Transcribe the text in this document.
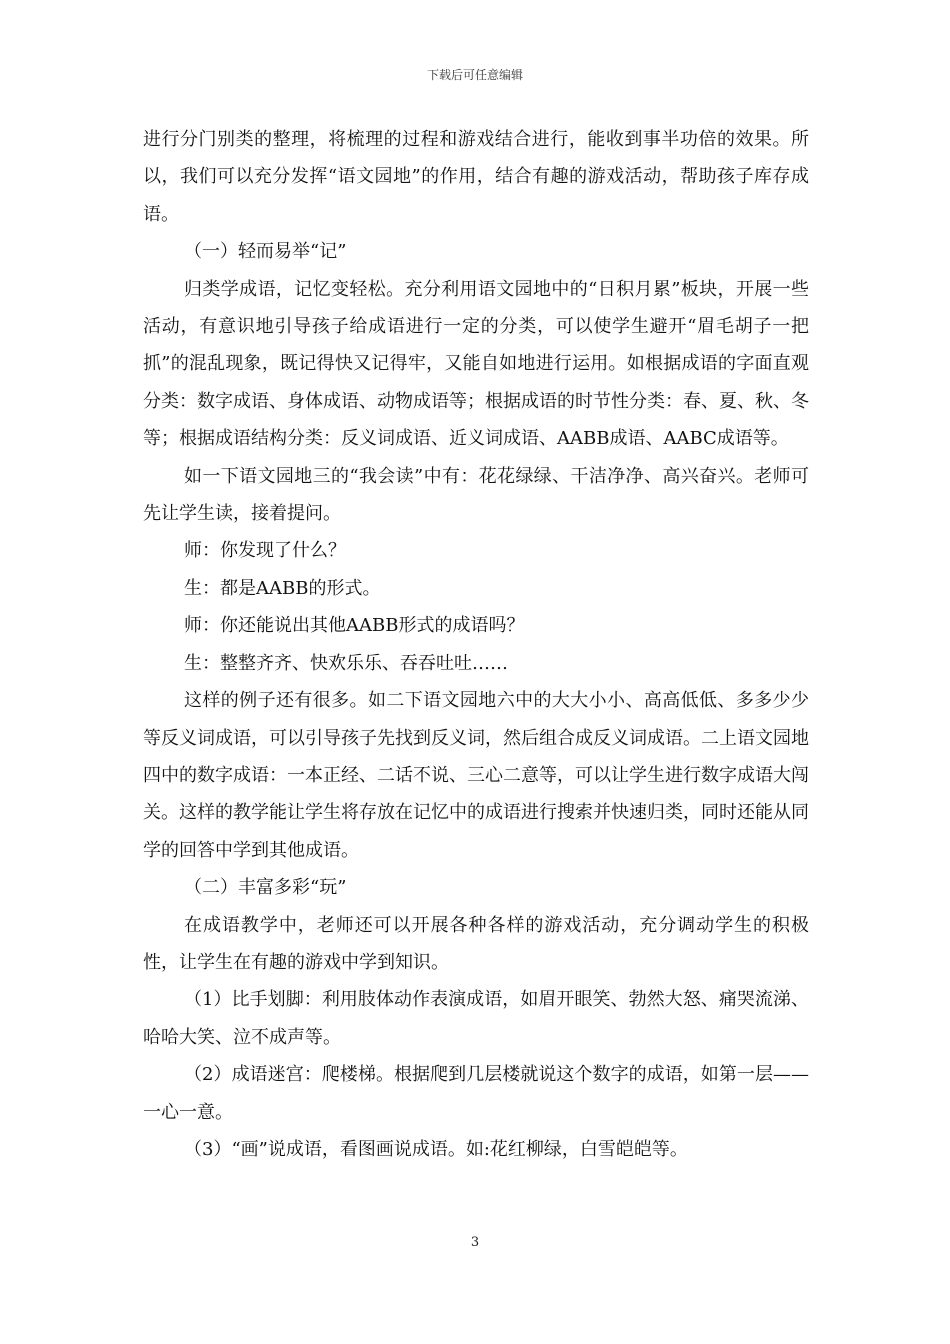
下载后可任意编辑

进行分门别类的整理，将梳理的过程和游戏结合进行，能收到事半功倍的效果。所以，我们可以充分发挥“语文园地”的作用，结合有趣的游戏活动，帮助孩子库存成语。

（一）轻而易举“记”

归类学成语，记忆变轻松。充分利用语文园地中的“日积月累”板块，开展一些活动，有意识地引导孩子给成语进行一定的分类，可以使学生避开“眉毛胡子一把抓”的混乱现象，既记得快又记得牢，又能自如地进行运用。如根据成语的字面直观分类：数字成语、身体成语、动物成语等；根据成语的时节性分类：春、夏、秋、冬等；根据成语结构分类：反义词成语、近义词成语、AABB成语、AABC成语等。

如一下语文园地三的“我会读”中有：花花绿绿、干洁净净、高兴奋兴。老师可先让学生读，接着提问。

师：你发现了什么？

生：都是AABB的形式。

师：你还能说出其他AABB形式的成语吗？

生：整整齐齐、快欢乐乐、吞吞吐吐……

这样的例子还有很多。如二下语文园地六中的大大小小、高高低低、多多少少等反义词成语，可以引导孩子先找到反义词，然后组合成反义词成语。二上语文园地四中的数字成语：一本正经、二话不说、三心二意等，可以让学生进行数字成语大闯关。这样的教学能让学生将存放在记忆中的成语进行搜索并快速归类，同时还能从同学的回答中学到其他成语。

（二）丰富多彩“玩”

在成语教学中，老师还可以开展各种各样的游戏活动，充分调动学生的积极性，让学生在有趣的游戏中学到知识。

（1）比手划脚：利用肢体动作表演成语，如眉开眼笑、勃然大怒、痛哭流涕、哈哈大笑、泣不成声等。

（2）成语迷宫：爬楼梯。根据爬到几层楼就说这个数字的成语，如第一层——一心一意。

（3）“画”说成语，看图画说成语。如:花红柳绿，白雪皑皑等。

3
